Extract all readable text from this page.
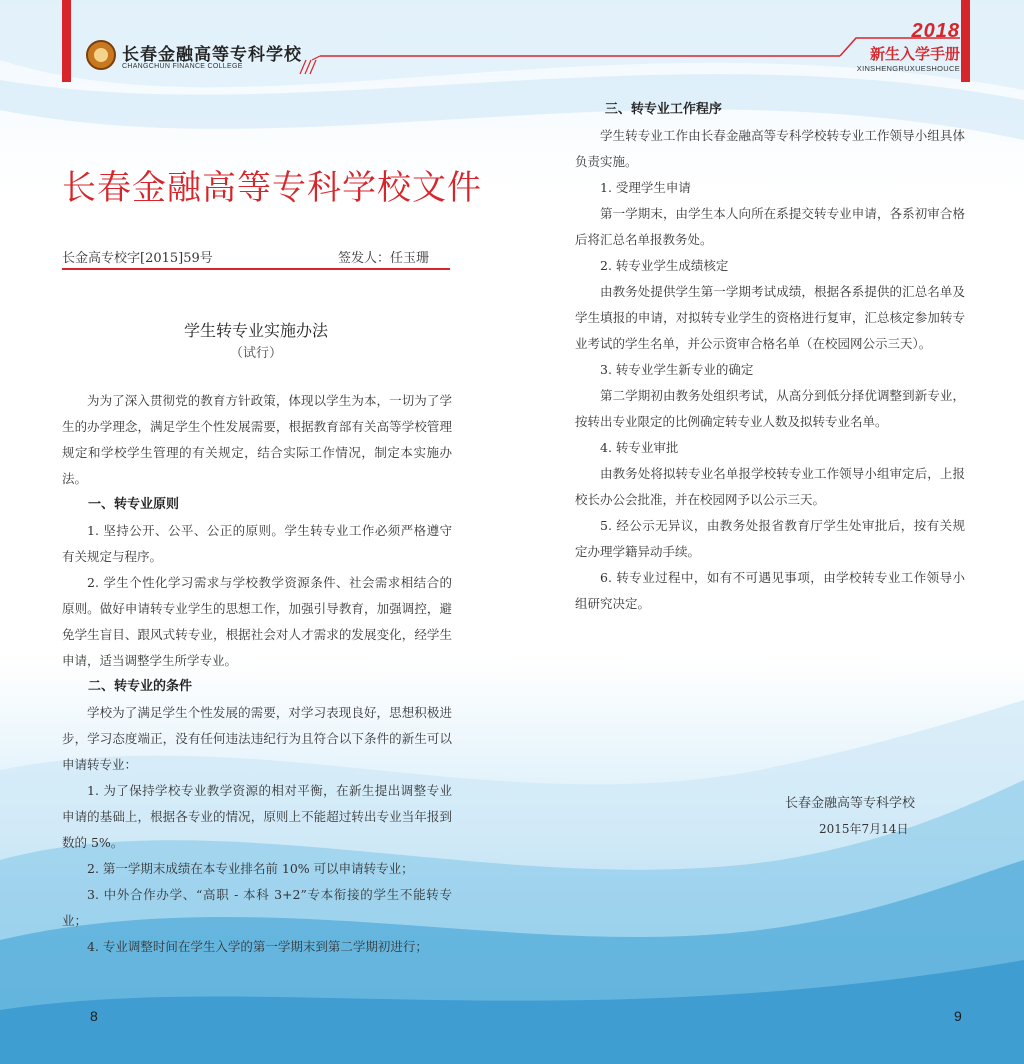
长春金融高等专科学校
CHANGCHUN FINANCE COLLEGE
2018
新生入学手册
XINSHENGRUXUESHOUCE
长春金融高等专科学校文件
长金高专校字[2015]59号	签发人：任玉珊
学生转专业实施办法
（试行）
为为了深入贯彻党的教育方针政策，体现以学生为本，一切为了学生的办学理念，满足学生个性发展需要，根据教育部有关高等学校管理规定和学校学生管理的有关规定，结合实际工作情况，制定本实施办法。
一、转专业原则
1. 坚持公开、公平、公正的原则。学生转专业工作必须严格遵守有关规定与程序。
2. 学生个性化学习需求与学校教学资源条件、社会需求相结合的原则。做好申请转专业学生的思想工作，加强引导教育，加强调控，避免学生盲目、跟风式转专业，根据社会对人才需求的发展变化，经学生申请，适当调整学生所学专业。
二、转专业的条件
学校为了满足学生个性发展的需要，对学习表现良好，思想积极进步，学习态度端正，没有任何违法违纪行为且符合以下条件的新生可以申请转专业：
1. 为了保持学校专业教学资源的相对平衡，在新生提出调整专业申请的基础上，根据各专业的情况，原则上不能超过转出专业当年报到数的 5%。
2. 第一学期末成绩在本专业排名前 10% 可以申请转专业；
3. 中外合作办学、“高职 - 本科 3+2”专本衔接的学生不能转专业；
4. 专业调整时间在学生入学的第一学期末到第二学期初进行；
三、转专业工作程序
学生转专业工作由长春金融高等专科学校转专业工作领导小组具体负责实施。
1. 受理学生申请
第一学期末，由学生本人向所在系提交转专业申请，各系初审合格后将汇总名单报教务处。
2. 转专业学生成绩核定
由教务处提供学生第一学期考试成绩，根据各系提供的汇总名单及学生填报的申请，对拟转专业学生的资格进行复审，汇总核定参加转专业考试的学生名单，并公示资审合格名单（在校园网公示三天）。
3. 转专业学生新专业的确定
第二学期初由教务处组织考试，从高分到低分择优调整到新专业，按转出专业限定的比例确定转专业人数及拟转专业名单。
4. 转专业审批
由教务处将拟转专业名单报学校转专业工作领导小组审定后，上报校长办公会批准，并在校园网予以公示三天。
5. 经公示无异议，由教务处报省教育厅学生处审批后，按有关规定办理学籍异动手续。
6. 转专业过程中，如有不可遇见事项，由学校转专业工作领导小组研究决定。
长春金融高等专科学校
2015年7月14日
8	9
